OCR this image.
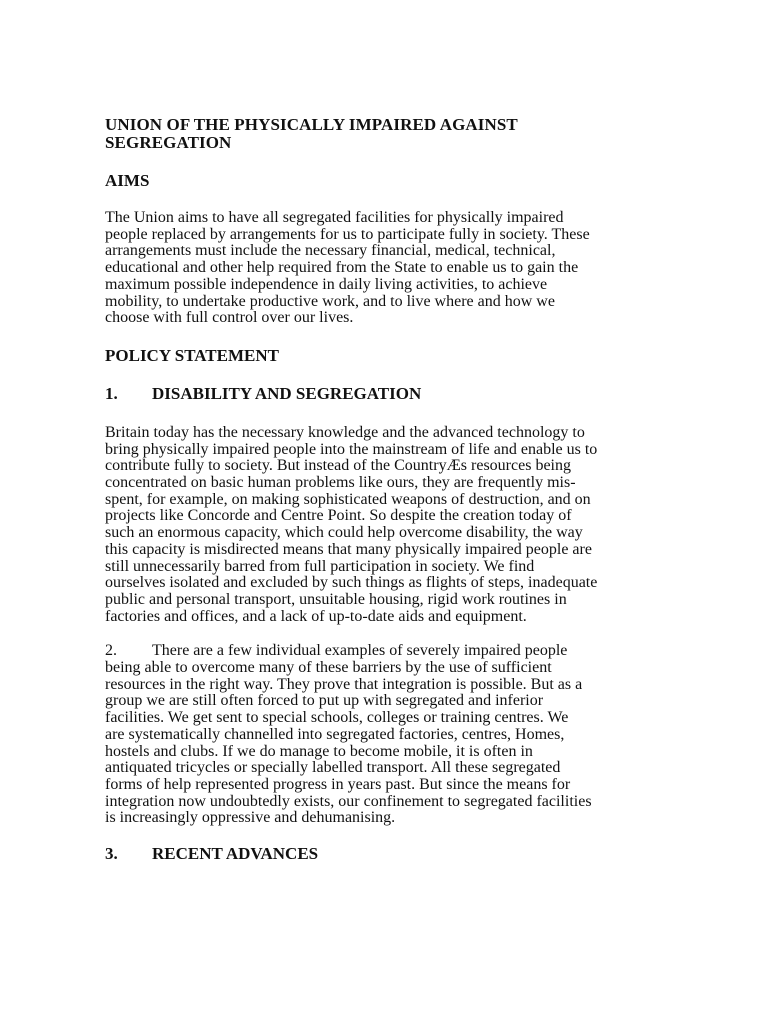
UNION OF THE PHYSICALLY IMPAIRED AGAINST
SEGREGATION
AIMS

The Union aims to have all segregated facilities for physically impaired
people replaced by arrangements for us to participate fully in society. These
arrangements must include the necessary financial, medical, technical,
educational and other help required from the State to enable us to gain the
maximum possible independence in daily living activities, to achieve
mobility, to undertake productive work, and to live where and how we
choose with full control over our lives.

POLICY STATEMENT
1.	DISABILITY AND SEGREGATION

Britain today has the necessary knowledge and the advanced technology to
bring physically impaired people into the mainstream of life and enable us to
contribute fully to society. But instead of the CountryÆs resources being
concentrated on basic human problems like ours, they are frequently mis-
spent, for example, on making sophisticated weapons of destruction, and on
projects like Concorde and Centre Point. So despite the creation today of
such an enormous capacity, which could help overcome disability, the way
this capacity is misdirected means that many physically impaired people are
still unnecessarily barred from full participation in society. We find
ourselves isolated and excluded by such things as flights of steps, inadequate
public and personal transport, unsuitable housing, rigid work routines in
factories and offices, and a lack of up-to-date aids and equipment.

2. There are a few individual examples of severely impaired people
being able to overcome many of these barriers by the use of sufficient
resources in the right way. They prove that integration is possible. But as a
group we are still often forced to put up with segregated and inferior
facilities. We get sent to special schools, colleges or training centres. We
are systematically channelled into segregated factories, centres, Homes,
hostels and clubs. If we do manage to become mobile, it is often in
antiquated tricycles or specially labelled transport. All these segregated
forms of help represented progress in years past. But since the means for
integration now undoubtedly exists, our confinement to segregated facilities
is increasingly oppressive and dehumanising.

3.	RECENT ADVANCES
